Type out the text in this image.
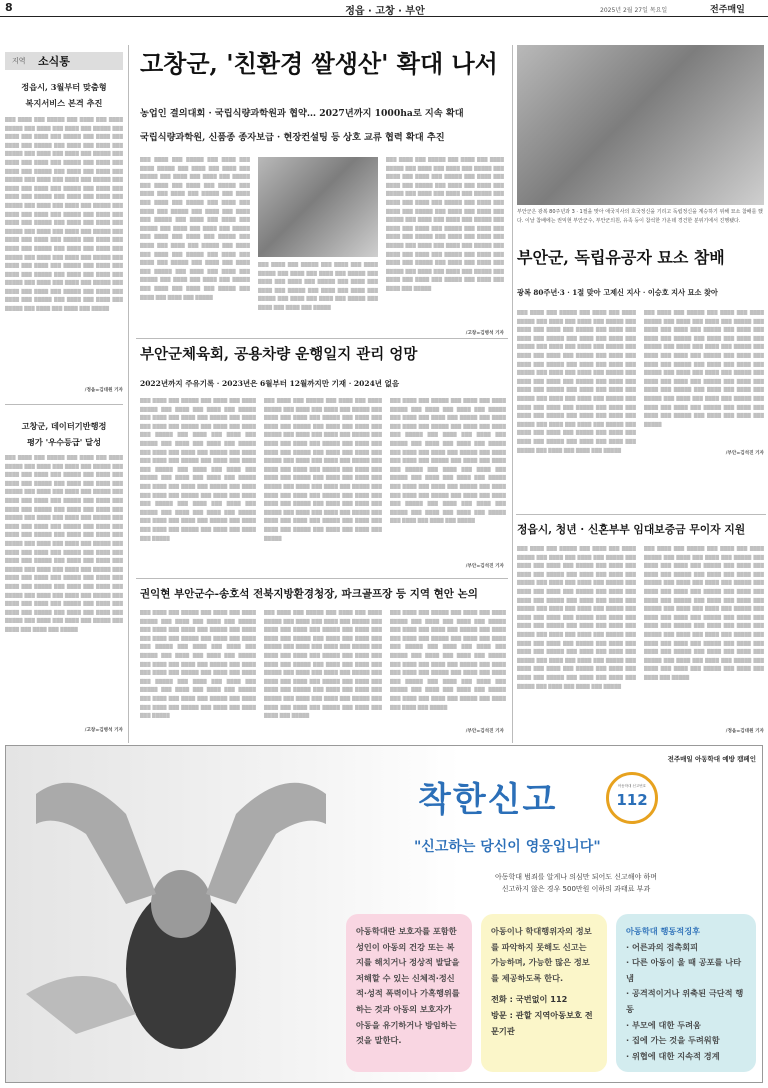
8	정읍 · 고창 · 부안	2025년 2월 27일 목요일	전주매일
지역 소식통
정읍시, 3월부터 맞춤형
복지서비스 본격 추진
▒▒▒ ▒▒▒▒ ▒▒▒ ▒▒▒▒▒ ▒▒▒ ▒▒▒▒ ▒▒▒ ▒▒▒▒ ▒▒▒▒▒ ▒▒▒ ▒▒▒▒ ▒▒▒ ▒▒▒▒ ▒▒▒ ▒▒▒▒▒ ▒▒▒ ▒▒▒▒ ▒▒▒ ▒▒▒▒ ▒▒▒ ▒▒▒▒▒ ▒▒▒ ▒▒▒▒ ▒▒▒ ▒▒▒▒ ▒▒▒ ▒▒▒▒▒ ▒▒▒ ▒▒▒▒ ▒▒▒ ▒▒▒▒ ▒▒▒ ▒▒▒▒▒ ▒▒▒ ▒▒▒▒ ▒▒▒ ▒▒▒▒ ▒▒▒ ▒▒▒▒▒ ▒▒▒ ▒▒▒▒ ▒▒▒ ▒▒▒▒ ▒▒▒ ▒▒▒▒▒ ▒▒▒ ▒▒▒▒ ▒▒▒ ▒▒▒▒ ▒▒▒ ▒▒▒▒▒ ▒▒▒ ▒▒▒▒ ▒▒▒ ▒▒▒▒ ▒▒▒ ▒▒▒▒▒ ▒▒▒ ▒▒▒▒ ▒▒▒ ▒▒▒▒ ▒▒▒ ▒▒▒▒▒ ▒▒▒ ▒▒▒▒ ▒▒▒ ▒▒▒▒ ▒▒▒ ▒▒▒▒▒ ▒▒▒ ▒▒▒▒ ▒▒▒ ▒▒▒▒ ▒▒▒ ▒▒▒▒▒ ▒▒▒ ▒▒▒▒ ▒▒▒ ▒▒▒▒ ▒▒▒ ▒▒▒▒▒ ▒▒▒ ▒▒▒▒ ▒▒▒ ▒▒▒▒ ▒▒▒ ▒▒▒▒▒ ▒▒▒ ▒▒▒▒ ▒▒▒ ▒▒▒▒ ▒▒▒ ▒▒▒▒▒ ▒▒▒ ▒▒▒▒ ▒▒▒ ▒▒▒▒ ▒▒▒ ▒▒▒▒▒ ▒▒▒ ▒▒▒▒ ▒▒▒ ▒▒▒▒ ▒▒▒ ▒▒▒▒▒ ▒▒▒ ▒▒▒▒ ▒▒▒ ▒▒▒▒ ▒▒▒ ▒▒▒▒▒ ▒▒▒ ▒▒▒▒ ▒▒▒ ▒▒▒▒ ▒▒▒ ▒▒▒▒▒ ▒▒▒ ▒▒▒▒ ▒▒▒ ▒▒▒▒ ▒▒▒ ▒▒▒▒▒ ▒▒▒ ▒▒▒▒ ▒▒▒ ▒▒▒▒ ▒▒▒ ▒▒▒▒▒ ▒▒▒ ▒▒▒▒ ▒▒▒ ▒▒▒▒ ▒▒▒ ▒▒▒▒▒ ▒▒▒ ▒▒▒▒ ▒▒▒ ▒▒▒▒ ▒▒▒ ▒▒▒▒▒ ▒▒▒ ▒▒▒▒ ▒▒▒ ▒▒▒▒ ▒▒▒ ▒▒▒▒▒ ▒▒▒ ▒▒▒▒ ▒▒▒ ▒▒▒▒ ▒▒▒ ▒▒▒▒▒ ▒▒▒ ▒▒▒▒ ▒▒▒ ▒▒▒▒ ▒▒▒ ▒▒▒▒▒ ▒▒▒ ▒▒▒▒ ▒▒▒ ▒▒▒▒ ▒▒▒ ▒▒▒▒▒ ▒▒▒ ▒▒▒▒ ▒▒▒ ▒▒▒▒ ▒▒▒ ▒▒▒▒▒ ▒▒▒ ▒▒▒▒ ▒▒▒ ▒▒▒▒ ▒▒▒ ▒▒▒▒▒ ▒▒▒ ▒▒▒▒ ▒▒▒ ▒▒▒▒ ▒▒▒ ▒▒▒▒▒
/정읍=김대원 기자
고창군, 데이터기반행정
평가 '우수등급' 달성
▒▒▒ ▒▒▒▒ ▒▒▒ ▒▒▒▒▒ ▒▒▒ ▒▒▒▒ ▒▒▒ ▒▒▒▒ ▒▒▒▒▒ ▒▒▒ ▒▒▒▒ ▒▒▒ ▒▒▒▒ ▒▒▒ ▒▒▒▒▒ ▒▒▒ ▒▒▒▒ ▒▒▒ ▒▒▒▒ ▒▒▒ ▒▒▒▒▒ ▒▒▒ ▒▒▒▒ ▒▒▒ ▒▒▒▒ ▒▒▒ ▒▒▒▒▒ ▒▒▒ ▒▒▒▒ ▒▒▒ ▒▒▒▒ ▒▒▒ ▒▒▒▒▒ ▒▒▒ ▒▒▒▒ ▒▒▒ ▒▒▒▒ ▒▒▒ ▒▒▒▒▒ ▒▒▒ ▒▒▒▒ ▒▒▒ ▒▒▒▒ ▒▒▒ ▒▒▒▒▒ ▒▒▒ ▒▒▒▒ ▒▒▒ ▒▒▒▒ ▒▒▒ ▒▒▒▒▒ ▒▒▒ ▒▒▒▒ ▒▒▒ ▒▒▒▒ ▒▒▒ ▒▒▒▒▒ ▒▒▒ ▒▒▒▒ ▒▒▒ ▒▒▒▒ ▒▒▒ ▒▒▒▒▒ ▒▒▒ ▒▒▒▒ ▒▒▒ ▒▒▒▒ ▒▒▒ ▒▒▒▒▒ ▒▒▒ ▒▒▒▒ ▒▒▒ ▒▒▒▒ ▒▒▒ ▒▒▒▒▒ ▒▒▒ ▒▒▒▒ ▒▒▒ ▒▒▒▒ ▒▒▒ ▒▒▒▒▒ ▒▒▒ ▒▒▒▒ ▒▒▒ ▒▒▒▒ ▒▒▒ ▒▒▒▒▒ ▒▒▒ ▒▒▒▒ ▒▒▒ ▒▒▒▒ ▒▒▒ ▒▒▒▒▒ ▒▒▒ ▒▒▒▒ ▒▒▒ ▒▒▒▒ ▒▒▒ ▒▒▒▒▒ ▒▒▒ ▒▒▒▒ ▒▒▒ ▒▒▒▒ ▒▒▒ ▒▒▒▒▒ ▒▒▒ ▒▒▒▒ ▒▒▒ ▒▒▒▒ ▒▒▒ ▒▒▒▒▒ ▒▒▒ ▒▒▒▒ ▒▒▒ ▒▒▒▒ ▒▒▒ ▒▒▒▒▒ ▒▒▒ ▒▒▒▒ ▒▒▒ ▒▒▒▒ ▒▒▒ ▒▒▒▒▒ ▒▒▒ ▒▒▒▒ ▒▒▒ ▒▒▒▒ ▒▒▒ ▒▒▒▒▒ ▒▒▒ ▒▒▒▒ ▒▒▒ ▒▒▒▒ ▒▒▒ ▒▒▒▒▒ ▒▒▒ ▒▒▒▒ ▒▒▒ ▒▒▒▒ ▒▒▒ ▒▒▒▒▒ ▒▒▒ ▒▒▒▒ ▒▒▒ ▒▒▒▒ ▒▒▒ ▒▒▒▒▒ ▒▒▒ ▒▒▒▒ ▒▒▒ ▒▒▒▒ ▒▒▒ ▒▒▒▒▒ ▒▒▒ ▒▒▒▒ ▒▒▒ ▒▒▒▒ ▒▒▒ ▒▒▒▒▒ ▒▒▒ ▒▒▒▒ ▒▒▒ ▒▒▒▒ ▒▒▒ ▒▒▒▒▒
/고창=김병석 기자
고창군, '친환경 쌀생산' 확대 나서
농업인 결의대회 · 국립식량과학원과 협약… 2027년까지 1000ha로 지속 확대
국립식량과학원, 신품종 종자보급 · 현장컨설팅 등 상호 교류 협력 확대 추진
▒▒▒ ▒▒▒▒ ▒▒▒ ▒▒▒▒▒ ▒▒▒ ▒▒▒▒ ▒▒▒ ▒▒▒▒ ▒▒▒▒▒ ▒▒▒ ▒▒▒▒ ▒▒▒ ▒▒▒▒ ▒▒▒ ▒▒▒▒▒ ▒▒▒ ▒▒▒▒ ▒▒▒ ▒▒▒▒ ▒▒▒ ▒▒▒▒▒ ▒▒▒ ▒▒▒▒ ▒▒▒ ▒▒▒▒ ▒▒▒ ▒▒▒▒▒ ▒▒▒ ▒▒▒▒ ▒▒▒ ▒▒▒▒ ▒▒▒ ▒▒▒▒▒ ▒▒▒ ▒▒▒▒ ▒▒▒ ▒▒▒▒ ▒▒▒ ▒▒▒▒▒ ▒▒▒ ▒▒▒▒ ▒▒▒ ▒▒▒▒ ▒▒▒ ▒▒▒▒▒ ▒▒▒ ▒▒▒▒ ▒▒▒ ▒▒▒▒ ▒▒▒ ▒▒▒▒▒ ▒▒▒ ▒▒▒▒ ▒▒▒ ▒▒▒▒ ▒▒▒ ▒▒▒▒▒ ▒▒▒ ▒▒▒▒ ▒▒▒ ▒▒▒▒ ▒▒▒ ▒▒▒▒▒ ▒▒▒ ▒▒▒▒ ▒▒▒ ▒▒▒▒ ▒▒▒ ▒▒▒▒▒ ▒▒▒ ▒▒▒▒ ▒▒▒ ▒▒▒▒ ▒▒▒ ▒▒▒▒▒ ▒▒▒ ▒▒▒▒ ▒▒▒ ▒▒▒▒ ▒▒▒ ▒▒▒▒▒ ▒▒▒ ▒▒▒▒ ▒▒▒ ▒▒▒▒ ▒▒▒ ▒▒▒▒▒ ▒▒▒ ▒▒▒▒ ▒▒▒ ▒▒▒▒ ▒▒▒ ▒▒▒▒▒ ▒▒▒ ▒▒▒▒ ▒▒▒ ▒▒▒▒ ▒▒▒ ▒▒▒▒▒ ▒▒▒ ▒▒▒▒ ▒▒▒ ▒▒▒▒ ▒▒▒ ▒▒▒▒▒ ▒▒▒ ▒▒▒▒ ▒▒▒ ▒▒▒▒ ▒▒▒ ▒▒▒▒▒ ▒▒▒ ▒▒▒▒ ▒▒▒ ▒▒▒▒ ▒▒▒ ▒▒▒▒▒
▒▒▒ ▒▒▒▒ ▒▒▒ ▒▒▒▒▒ ▒▒▒ ▒▒▒▒ ▒▒▒ ▒▒▒▒ ▒▒▒▒▒ ▒▒▒ ▒▒▒▒ ▒▒▒ ▒▒▒▒ ▒▒▒ ▒▒▒▒▒ ▒▒▒ ▒▒▒▒ ▒▒▒ ▒▒▒▒ ▒▒▒ ▒▒▒▒▒ ▒▒▒ ▒▒▒▒ ▒▒▒ ▒▒▒▒ ▒▒▒ ▒▒▒▒▒ ▒▒▒ ▒▒▒▒ ▒▒▒ ▒▒▒▒ ▒▒▒ ▒▒▒▒▒ ▒▒▒ ▒▒▒▒ ▒▒▒ ▒▒▒▒ ▒▒▒ ▒▒▒▒▒ ▒▒▒ ▒▒▒▒ ▒▒▒ ▒▒▒▒ ▒▒▒ ▒▒▒▒▒
▒▒▒ ▒▒▒▒ ▒▒▒ ▒▒▒▒▒ ▒▒▒ ▒▒▒▒ ▒▒▒ ▒▒▒▒ ▒▒▒▒▒ ▒▒▒ ▒▒▒▒ ▒▒▒ ▒▒▒▒ ▒▒▒ ▒▒▒▒▒ ▒▒▒ ▒▒▒▒ ▒▒▒ ▒▒▒▒ ▒▒▒ ▒▒▒▒▒ ▒▒▒ ▒▒▒▒ ▒▒▒ ▒▒▒▒ ▒▒▒ ▒▒▒▒▒ ▒▒▒ ▒▒▒▒ ▒▒▒ ▒▒▒▒ ▒▒▒ ▒▒▒▒▒ ▒▒▒ ▒▒▒▒ ▒▒▒ ▒▒▒▒ ▒▒▒ ▒▒▒▒▒ ▒▒▒ ▒▒▒▒ ▒▒▒ ▒▒▒▒ ▒▒▒ ▒▒▒▒▒ ▒▒▒ ▒▒▒▒ ▒▒▒ ▒▒▒▒ ▒▒▒ ▒▒▒▒▒ ▒▒▒ ▒▒▒▒ ▒▒▒ ▒▒▒▒ ▒▒▒ ▒▒▒▒▒ ▒▒▒ ▒▒▒▒ ▒▒▒ ▒▒▒▒ ▒▒▒ ▒▒▒▒▒ ▒▒▒ ▒▒▒▒ ▒▒▒ ▒▒▒▒ ▒▒▒ ▒▒▒▒▒ ▒▒▒ ▒▒▒▒ ▒▒▒ ▒▒▒▒ ▒▒▒ ▒▒▒▒▒ ▒▒▒ ▒▒▒▒ ▒▒▒ ▒▒▒▒ ▒▒▒ ▒▒▒▒▒ ▒▒▒ ▒▒▒▒ ▒▒▒ ▒▒▒▒ ▒▒▒ ▒▒▒▒▒ ▒▒▒ ▒▒▒▒ ▒▒▒ ▒▒▒▒ ▒▒▒ ▒▒▒▒▒ ▒▒▒ ▒▒▒▒ ▒▒▒ ▒▒▒▒ ▒▒▒ ▒▒▒▒▒ ▒▒▒ ▒▒▒▒ ▒▒▒ ▒▒▒▒ ▒▒▒ ▒▒▒▒▒ ▒▒▒ ▒▒▒▒ ▒▒▒ ▒▒▒▒ ▒▒▒ ▒▒▒▒▒ ▒▒▒ ▒▒▒▒ ▒▒▒ ▒▒▒▒ ▒▒▒ ▒▒▒▒▒ ▒▒▒ ▒▒▒▒ ▒▒▒ ▒▒▒▒ ▒▒▒ ▒▒▒▒▒
/고창=김병석 기자
부안군체육회, 공용차량 운행일지 관리 엉망
2022년까지 주유기록 · 2023년은 6월부터 12월까지만 기재 · 2024년 없음
▒▒▒ ▒▒▒▒ ▒▒▒ ▒▒▒▒▒ ▒▒▒ ▒▒▒▒ ▒▒▒ ▒▒▒▒ ▒▒▒▒▒ ▒▒▒ ▒▒▒▒ ▒▒▒ ▒▒▒▒ ▒▒▒ ▒▒▒▒▒ ▒▒▒ ▒▒▒▒ ▒▒▒ ▒▒▒▒ ▒▒▒ ▒▒▒▒▒ ▒▒▒ ▒▒▒▒ ▒▒▒ ▒▒▒▒ ▒▒▒ ▒▒▒▒▒ ▒▒▒ ▒▒▒▒ ▒▒▒ ▒▒▒▒ ▒▒▒ ▒▒▒▒▒ ▒▒▒ ▒▒▒▒ ▒▒▒ ▒▒▒▒ ▒▒▒ ▒▒▒▒▒ ▒▒▒ ▒▒▒▒ ▒▒▒ ▒▒▒▒ ▒▒▒ ▒▒▒▒▒ ▒▒▒ ▒▒▒▒ ▒▒▒ ▒▒▒▒ ▒▒▒ ▒▒▒▒▒ ▒▒▒ ▒▒▒▒ ▒▒▒ ▒▒▒▒ ▒▒▒ ▒▒▒▒▒ ▒▒▒ ▒▒▒▒ ▒▒▒ ▒▒▒▒ ▒▒▒ ▒▒▒▒▒ ▒▒▒ ▒▒▒▒ ▒▒▒ ▒▒▒▒ ▒▒▒ ▒▒▒▒▒ ▒▒▒ ▒▒▒▒ ▒▒▒ ▒▒▒▒ ▒▒▒ ▒▒▒▒▒ ▒▒▒ ▒▒▒▒ ▒▒▒ ▒▒▒▒ ▒▒▒ ▒▒▒▒▒ ▒▒▒ ▒▒▒▒ ▒▒▒ ▒▒▒▒ ▒▒▒ ▒▒▒▒▒ ▒▒▒ ▒▒▒▒ ▒▒▒ ▒▒▒▒ ▒▒▒ ▒▒▒▒▒ ▒▒▒ ▒▒▒▒ ▒▒▒ ▒▒▒▒ ▒▒▒ ▒▒▒▒▒ ▒▒▒ ▒▒▒▒ ▒▒▒ ▒▒▒▒ ▒▒▒ ▒▒▒▒▒ ▒▒▒ ▒▒▒▒ ▒▒▒ ▒▒▒▒ ▒▒▒ ▒▒▒▒▒ ▒▒▒ ▒▒▒▒ ▒▒▒ ▒▒▒▒ ▒▒▒ ▒▒▒▒▒ ▒▒▒ ▒▒▒▒ ▒▒▒ ▒▒▒▒ ▒▒▒ ▒▒▒▒▒
▒▒▒ ▒▒▒▒ ▒▒▒ ▒▒▒▒▒ ▒▒▒ ▒▒▒▒ ▒▒▒ ▒▒▒▒ ▒▒▒▒▒ ▒▒▒ ▒▒▒▒ ▒▒▒ ▒▒▒▒ ▒▒▒ ▒▒▒▒▒ ▒▒▒ ▒▒▒▒ ▒▒▒ ▒▒▒▒ ▒▒▒ ▒▒▒▒▒ ▒▒▒ ▒▒▒▒ ▒▒▒ ▒▒▒▒ ▒▒▒ ▒▒▒▒▒ ▒▒▒ ▒▒▒▒ ▒▒▒ ▒▒▒▒ ▒▒▒ ▒▒▒▒▒ ▒▒▒ ▒▒▒▒ ▒▒▒ ▒▒▒▒ ▒▒▒ ▒▒▒▒▒ ▒▒▒ ▒▒▒▒ ▒▒▒ ▒▒▒▒ ▒▒▒ ▒▒▒▒▒ ▒▒▒ ▒▒▒▒ ▒▒▒ ▒▒▒▒ ▒▒▒ ▒▒▒▒▒ ▒▒▒ ▒▒▒▒ ▒▒▒ ▒▒▒▒ ▒▒▒ ▒▒▒▒▒ ▒▒▒ ▒▒▒▒ ▒▒▒ ▒▒▒▒ ▒▒▒ ▒▒▒▒▒ ▒▒▒ ▒▒▒▒ ▒▒▒ ▒▒▒▒ ▒▒▒ ▒▒▒▒▒ ▒▒▒ ▒▒▒▒ ▒▒▒ ▒▒▒▒ ▒▒▒ ▒▒▒▒▒ ▒▒▒ ▒▒▒▒ ▒▒▒ ▒▒▒▒ ▒▒▒ ▒▒▒▒▒ ▒▒▒ ▒▒▒▒ ▒▒▒ ▒▒▒▒ ▒▒▒ ▒▒▒▒▒ ▒▒▒ ▒▒▒▒ ▒▒▒ ▒▒▒▒ ▒▒▒ ▒▒▒▒▒ ▒▒▒ ▒▒▒▒ ▒▒▒ ▒▒▒▒ ▒▒▒ ▒▒▒▒▒ ▒▒▒ ▒▒▒▒ ▒▒▒ ▒▒▒▒ ▒▒▒ ▒▒▒▒▒ ▒▒▒ ▒▒▒▒ ▒▒▒ ▒▒▒▒ ▒▒▒ ▒▒▒▒▒ ▒▒▒ ▒▒▒▒ ▒▒▒ ▒▒▒▒ ▒▒▒ ▒▒▒▒▒ ▒▒▒ ▒▒▒▒ ▒▒▒ ▒▒▒▒ ▒▒▒ ▒▒▒▒▒ ▒▒▒ ▒▒▒▒ ▒▒▒ ▒▒▒▒ ▒▒▒ ▒▒▒▒▒
▒▒▒ ▒▒▒▒ ▒▒▒ ▒▒▒▒▒ ▒▒▒ ▒▒▒▒ ▒▒▒ ▒▒▒▒ ▒▒▒▒▒ ▒▒▒ ▒▒▒▒ ▒▒▒ ▒▒▒▒ ▒▒▒ ▒▒▒▒▒ ▒▒▒ ▒▒▒▒ ▒▒▒ ▒▒▒▒ ▒▒▒ ▒▒▒▒▒ ▒▒▒ ▒▒▒▒ ▒▒▒ ▒▒▒▒ ▒▒▒ ▒▒▒▒▒ ▒▒▒ ▒▒▒▒ ▒▒▒ ▒▒▒▒ ▒▒▒ ▒▒▒▒▒ ▒▒▒ ▒▒▒▒ ▒▒▒ ▒▒▒▒ ▒▒▒ ▒▒▒▒▒ ▒▒▒ ▒▒▒▒ ▒▒▒ ▒▒▒▒ ▒▒▒ ▒▒▒▒▒ ▒▒▒ ▒▒▒▒ ▒▒▒ ▒▒▒▒ ▒▒▒ ▒▒▒▒▒ ▒▒▒ ▒▒▒▒ ▒▒▒ ▒▒▒▒ ▒▒▒ ▒▒▒▒▒ ▒▒▒ ▒▒▒▒ ▒▒▒ ▒▒▒▒ ▒▒▒ ▒▒▒▒▒ ▒▒▒ ▒▒▒▒ ▒▒▒ ▒▒▒▒ ▒▒▒ ▒▒▒▒▒ ▒▒▒ ▒▒▒▒ ▒▒▒ ▒▒▒▒ ▒▒▒ ▒▒▒▒▒ ▒▒▒ ▒▒▒▒ ▒▒▒ ▒▒▒▒ ▒▒▒ ▒▒▒▒▒ ▒▒▒ ▒▒▒▒ ▒▒▒ ▒▒▒▒ ▒▒▒ ▒▒▒▒▒ ▒▒▒ ▒▒▒▒ ▒▒▒ ▒▒▒▒ ▒▒▒ ▒▒▒▒▒ ▒▒▒ ▒▒▒▒ ▒▒▒ ▒▒▒▒ ▒▒▒ ▒▒▒▒▒ ▒▒▒ ▒▒▒▒ ▒▒▒ ▒▒▒▒ ▒▒▒ ▒▒▒▒▒ ▒▒▒ ▒▒▒▒ ▒▒▒ ▒▒▒▒ ▒▒▒ ▒▒▒▒▒
/부안=김석진 기자
권익현 부안군수-송호석 전북지방환경청장, 파크골프장 등 지역 현안 논의
▒▒▒ ▒▒▒▒ ▒▒▒ ▒▒▒▒▒ ▒▒▒ ▒▒▒▒ ▒▒▒ ▒▒▒▒ ▒▒▒▒▒ ▒▒▒ ▒▒▒▒ ▒▒▒ ▒▒▒▒ ▒▒▒ ▒▒▒▒▒ ▒▒▒ ▒▒▒▒ ▒▒▒ ▒▒▒▒ ▒▒▒ ▒▒▒▒▒ ▒▒▒ ▒▒▒▒ ▒▒▒ ▒▒▒▒ ▒▒▒ ▒▒▒▒▒ ▒▒▒ ▒▒▒▒ ▒▒▒ ▒▒▒▒ ▒▒▒ ▒▒▒▒▒ ▒▒▒ ▒▒▒▒ ▒▒▒ ▒▒▒▒ ▒▒▒ ▒▒▒▒▒ ▒▒▒ ▒▒▒▒ ▒▒▒ ▒▒▒▒ ▒▒▒ ▒▒▒▒▒ ▒▒▒ ▒▒▒▒ ▒▒▒ ▒▒▒▒ ▒▒▒ ▒▒▒▒▒ ▒▒▒ ▒▒▒▒ ▒▒▒ ▒▒▒▒ ▒▒▒ ▒▒▒▒▒ ▒▒▒ ▒▒▒▒ ▒▒▒ ▒▒▒▒ ▒▒▒ ▒▒▒▒▒ ▒▒▒ ▒▒▒▒ ▒▒▒ ▒▒▒▒ ▒▒▒ ▒▒▒▒▒ ▒▒▒ ▒▒▒▒ ▒▒▒ ▒▒▒▒ ▒▒▒ ▒▒▒▒▒ ▒▒▒ ▒▒▒▒ ▒▒▒ ▒▒▒▒ ▒▒▒ ▒▒▒▒▒ ▒▒▒ ▒▒▒▒ ▒▒▒ ▒▒▒▒ ▒▒▒ ▒▒▒▒▒ ▒▒▒ ▒▒▒▒ ▒▒▒ ▒▒▒▒ ▒▒▒ ▒▒▒▒▒
▒▒▒ ▒▒▒▒ ▒▒▒ ▒▒▒▒▒ ▒▒▒ ▒▒▒▒ ▒▒▒ ▒▒▒▒ ▒▒▒▒▒ ▒▒▒ ▒▒▒▒ ▒▒▒ ▒▒▒▒ ▒▒▒ ▒▒▒▒▒ ▒▒▒ ▒▒▒▒ ▒▒▒ ▒▒▒▒ ▒▒▒ ▒▒▒▒▒ ▒▒▒ ▒▒▒▒ ▒▒▒ ▒▒▒▒ ▒▒▒ ▒▒▒▒▒ ▒▒▒ ▒▒▒▒ ▒▒▒ ▒▒▒▒ ▒▒▒ ▒▒▒▒▒ ▒▒▒ ▒▒▒▒ ▒▒▒ ▒▒▒▒ ▒▒▒ ▒▒▒▒▒ ▒▒▒ ▒▒▒▒ ▒▒▒ ▒▒▒▒ ▒▒▒ ▒▒▒▒▒ ▒▒▒ ▒▒▒▒ ▒▒▒ ▒▒▒▒ ▒▒▒ ▒▒▒▒▒ ▒▒▒ ▒▒▒▒ ▒▒▒ ▒▒▒▒ ▒▒▒ ▒▒▒▒▒ ▒▒▒ ▒▒▒▒ ▒▒▒ ▒▒▒▒ ▒▒▒ ▒▒▒▒▒ ▒▒▒ ▒▒▒▒ ▒▒▒ ▒▒▒▒ ▒▒▒ ▒▒▒▒▒ ▒▒▒ ▒▒▒▒ ▒▒▒ ▒▒▒▒ ▒▒▒ ▒▒▒▒▒ ▒▒▒ ▒▒▒▒ ▒▒▒ ▒▒▒▒ ▒▒▒ ▒▒▒▒▒ ▒▒▒ ▒▒▒▒ ▒▒▒ ▒▒▒▒ ▒▒▒ ▒▒▒▒▒ ▒▒▒ ▒▒▒▒ ▒▒▒ ▒▒▒▒ ▒▒▒ ▒▒▒▒▒ ▒▒▒ ▒▒▒▒ ▒▒▒ ▒▒▒▒ ▒▒▒ ▒▒▒▒▒
▒▒▒ ▒▒▒▒ ▒▒▒ ▒▒▒▒▒ ▒▒▒ ▒▒▒▒ ▒▒▒ ▒▒▒▒ ▒▒▒▒▒ ▒▒▒ ▒▒▒▒ ▒▒▒ ▒▒▒▒ ▒▒▒ ▒▒▒▒▒ ▒▒▒ ▒▒▒▒ ▒▒▒ ▒▒▒▒ ▒▒▒ ▒▒▒▒▒ ▒▒▒ ▒▒▒▒ ▒▒▒ ▒▒▒▒ ▒▒▒ ▒▒▒▒▒ ▒▒▒ ▒▒▒▒ ▒▒▒ ▒▒▒▒ ▒▒▒ ▒▒▒▒▒ ▒▒▒ ▒▒▒▒ ▒▒▒ ▒▒▒▒ ▒▒▒ ▒▒▒▒▒ ▒▒▒ ▒▒▒▒ ▒▒▒ ▒▒▒▒ ▒▒▒ ▒▒▒▒▒ ▒▒▒ ▒▒▒▒ ▒▒▒ ▒▒▒▒ ▒▒▒ ▒▒▒▒▒ ▒▒▒ ▒▒▒▒ ▒▒▒ ▒▒▒▒ ▒▒▒ ▒▒▒▒▒ ▒▒▒ ▒▒▒▒ ▒▒▒ ▒▒▒▒ ▒▒▒ ▒▒▒▒▒ ▒▒▒ ▒▒▒▒ ▒▒▒ ▒▒▒▒ ▒▒▒ ▒▒▒▒▒ ▒▒▒ ▒▒▒▒ ▒▒▒ ▒▒▒▒ ▒▒▒ ▒▒▒▒▒ ▒▒▒ ▒▒▒▒ ▒▒▒ ▒▒▒▒ ▒▒▒ ▒▒▒▒▒ ▒▒▒ ▒▒▒▒ ▒▒▒ ▒▒▒▒ ▒▒▒ ▒▒▒▒▒
/부안=김석진 기자
부안군은 광복 80주년과 3 · 1절을 맞아 애국지사의 호국정신을 기리고 독립정신을 계승하기 위해 묘소 참배를 했다. 이날 참배에는 권익현 부안군수, 부안군의원, 유족 등이 참석한 가운데 경건한 분위기에서 진행됐다.
부안군, 독립유공자 묘소 참배
광복 80주년·3 · 1절 맞아 고제신 지사 · 이승호 지사 묘소 찾아
▒▒▒ ▒▒▒▒ ▒▒▒ ▒▒▒▒▒ ▒▒▒ ▒▒▒▒ ▒▒▒ ▒▒▒▒ ▒▒▒▒▒ ▒▒▒ ▒▒▒▒ ▒▒▒ ▒▒▒▒ ▒▒▒ ▒▒▒▒▒ ▒▒▒ ▒▒▒▒ ▒▒▒ ▒▒▒▒ ▒▒▒ ▒▒▒▒▒ ▒▒▒ ▒▒▒▒ ▒▒▒ ▒▒▒▒ ▒▒▒ ▒▒▒▒▒ ▒▒▒ ▒▒▒▒ ▒▒▒ ▒▒▒▒ ▒▒▒ ▒▒▒▒▒ ▒▒▒ ▒▒▒▒ ▒▒▒ ▒▒▒▒ ▒▒▒ ▒▒▒▒▒ ▒▒▒ ▒▒▒▒ ▒▒▒ ▒▒▒▒ ▒▒▒ ▒▒▒▒▒ ▒▒▒ ▒▒▒▒ ▒▒▒ ▒▒▒▒ ▒▒▒ ▒▒▒▒▒ ▒▒▒ ▒▒▒▒ ▒▒▒ ▒▒▒▒ ▒▒▒ ▒▒▒▒▒ ▒▒▒ ▒▒▒▒ ▒▒▒ ▒▒▒▒ ▒▒▒ ▒▒▒▒▒ ▒▒▒ ▒▒▒▒ ▒▒▒ ▒▒▒▒ ▒▒▒ ▒▒▒▒▒ ▒▒▒ ▒▒▒▒ ▒▒▒ ▒▒▒▒ ▒▒▒ ▒▒▒▒▒ ▒▒▒ ▒▒▒▒ ▒▒▒ ▒▒▒▒ ▒▒▒ ▒▒▒▒▒ ▒▒▒ ▒▒▒▒ ▒▒▒ ▒▒▒▒ ▒▒▒ ▒▒▒▒▒ ▒▒▒ ▒▒▒▒ ▒▒▒ ▒▒▒▒ ▒▒▒ ▒▒▒▒▒ ▒▒▒ ▒▒▒▒ ▒▒▒ ▒▒▒▒ ▒▒▒ ▒▒▒▒▒ ▒▒▒ ▒▒▒▒ ▒▒▒ ▒▒▒▒ ▒▒▒ ▒▒▒▒▒ ▒▒▒ ▒▒▒▒ ▒▒▒ ▒▒▒▒ ▒▒▒ ▒▒▒▒▒ ▒▒▒ ▒▒▒▒ ▒▒▒ ▒▒▒▒ ▒▒▒ ▒▒▒▒▒ ▒▒▒ ▒▒▒▒ ▒▒▒ ▒▒▒▒ ▒▒▒ ▒▒▒▒▒ ▒▒▒ ▒▒▒▒ ▒▒▒ ▒▒▒▒ ▒▒▒ ▒▒▒▒▒ ▒▒▒ ▒▒▒▒ ▒▒▒ ▒▒▒▒ ▒▒▒ ▒▒▒▒▒
▒▒▒ ▒▒▒▒ ▒▒▒ ▒▒▒▒▒ ▒▒▒ ▒▒▒▒ ▒▒▒ ▒▒▒▒ ▒▒▒▒▒ ▒▒▒ ▒▒▒▒ ▒▒▒ ▒▒▒▒ ▒▒▒ ▒▒▒▒▒ ▒▒▒ ▒▒▒▒ ▒▒▒ ▒▒▒▒ ▒▒▒ ▒▒▒▒▒ ▒▒▒ ▒▒▒▒ ▒▒▒ ▒▒▒▒ ▒▒▒ ▒▒▒▒▒ ▒▒▒ ▒▒▒▒ ▒▒▒ ▒▒▒▒ ▒▒▒ ▒▒▒▒▒ ▒▒▒ ▒▒▒▒ ▒▒▒ ▒▒▒▒ ▒▒▒ ▒▒▒▒▒ ▒▒▒ ▒▒▒▒ ▒▒▒ ▒▒▒▒ ▒▒▒ ▒▒▒▒▒ ▒▒▒ ▒▒▒▒ ▒▒▒ ▒▒▒▒ ▒▒▒ ▒▒▒▒▒ ▒▒▒ ▒▒▒▒ ▒▒▒ ▒▒▒▒ ▒▒▒ ▒▒▒▒▒ ▒▒▒ ▒▒▒▒ ▒▒▒ ▒▒▒▒ ▒▒▒ ▒▒▒▒▒ ▒▒▒ ▒▒▒▒ ▒▒▒ ▒▒▒▒ ▒▒▒ ▒▒▒▒▒ ▒▒▒ ▒▒▒▒ ▒▒▒ ▒▒▒▒ ▒▒▒ ▒▒▒▒▒ ▒▒▒ ▒▒▒▒ ▒▒▒ ▒▒▒▒ ▒▒▒ ▒▒▒▒▒ ▒▒▒ ▒▒▒▒ ▒▒▒ ▒▒▒▒ ▒▒▒ ▒▒▒▒▒ ▒▒▒ ▒▒▒▒ ▒▒▒ ▒▒▒▒ ▒▒▒ ▒▒▒▒▒ ▒▒▒ ▒▒▒▒ ▒▒▒ ▒▒▒▒ ▒▒▒ ▒▒▒▒▒ ▒▒▒ ▒▒▒▒ ▒▒▒ ▒▒▒▒ ▒▒▒ ▒▒▒▒▒
/부안=김석진 기자
정읍시, 청년 · 신혼부부 임대보증금 무이자 지원
▒▒▒ ▒▒▒▒ ▒▒▒ ▒▒▒▒▒ ▒▒▒ ▒▒▒▒ ▒▒▒ ▒▒▒▒ ▒▒▒▒▒ ▒▒▒ ▒▒▒▒ ▒▒▒ ▒▒▒▒ ▒▒▒ ▒▒▒▒▒ ▒▒▒ ▒▒▒▒ ▒▒▒ ▒▒▒▒ ▒▒▒ ▒▒▒▒▒ ▒▒▒ ▒▒▒▒ ▒▒▒ ▒▒▒▒ ▒▒▒ ▒▒▒▒▒ ▒▒▒ ▒▒▒▒ ▒▒▒ ▒▒▒▒ ▒▒▒ ▒▒▒▒▒ ▒▒▒ ▒▒▒▒ ▒▒▒ ▒▒▒▒ ▒▒▒ ▒▒▒▒▒ ▒▒▒ ▒▒▒▒ ▒▒▒ ▒▒▒▒ ▒▒▒ ▒▒▒▒▒ ▒▒▒ ▒▒▒▒ ▒▒▒ ▒▒▒▒ ▒▒▒ ▒▒▒▒▒ ▒▒▒ ▒▒▒▒ ▒▒▒ ▒▒▒▒ ▒▒▒ ▒▒▒▒▒ ▒▒▒ ▒▒▒▒ ▒▒▒ ▒▒▒▒ ▒▒▒ ▒▒▒▒▒ ▒▒▒ ▒▒▒▒ ▒▒▒ ▒▒▒▒ ▒▒▒ ▒▒▒▒▒ ▒▒▒ ▒▒▒▒ ▒▒▒ ▒▒▒▒ ▒▒▒ ▒▒▒▒▒ ▒▒▒ ▒▒▒▒ ▒▒▒ ▒▒▒▒ ▒▒▒ ▒▒▒▒▒ ▒▒▒ ▒▒▒▒ ▒▒▒ ▒▒▒▒ ▒▒▒ ▒▒▒▒▒ ▒▒▒ ▒▒▒▒ ▒▒▒ ▒▒▒▒ ▒▒▒ ▒▒▒▒▒ ▒▒▒ ▒▒▒▒ ▒▒▒ ▒▒▒▒ ▒▒▒ ▒▒▒▒▒ ▒▒▒ ▒▒▒▒ ▒▒▒ ▒▒▒▒ ▒▒▒ ▒▒▒▒▒ ▒▒▒ ▒▒▒▒ ▒▒▒ ▒▒▒▒ ▒▒▒ ▒▒▒▒▒ ▒▒▒ ▒▒▒▒ ▒▒▒ ▒▒▒▒ ▒▒▒ ▒▒▒▒▒ ▒▒▒ ▒▒▒▒ ▒▒▒ ▒▒▒▒ ▒▒▒ ▒▒▒▒▒ ▒▒▒ ▒▒▒▒ ▒▒▒ ▒▒▒▒ ▒▒▒ ▒▒▒▒▒ ▒▒▒ ▒▒▒▒ ▒▒▒ ▒▒▒▒ ▒▒▒ ▒▒▒▒▒
▒▒▒ ▒▒▒▒ ▒▒▒ ▒▒▒▒▒ ▒▒▒ ▒▒▒▒ ▒▒▒ ▒▒▒▒ ▒▒▒▒▒ ▒▒▒ ▒▒▒▒ ▒▒▒ ▒▒▒▒ ▒▒▒ ▒▒▒▒▒ ▒▒▒ ▒▒▒▒ ▒▒▒ ▒▒▒▒ ▒▒▒ ▒▒▒▒▒ ▒▒▒ ▒▒▒▒ ▒▒▒ ▒▒▒▒ ▒▒▒ ▒▒▒▒▒ ▒▒▒ ▒▒▒▒ ▒▒▒ ▒▒▒▒ ▒▒▒ ▒▒▒▒▒ ▒▒▒ ▒▒▒▒ ▒▒▒ ▒▒▒▒ ▒▒▒ ▒▒▒▒▒ ▒▒▒ ▒▒▒▒ ▒▒▒ ▒▒▒▒ ▒▒▒ ▒▒▒▒▒ ▒▒▒ ▒▒▒▒ ▒▒▒ ▒▒▒▒ ▒▒▒ ▒▒▒▒▒ ▒▒▒ ▒▒▒▒ ▒▒▒ ▒▒▒▒ ▒▒▒ ▒▒▒▒▒ ▒▒▒ ▒▒▒▒ ▒▒▒ ▒▒▒▒ ▒▒▒ ▒▒▒▒▒ ▒▒▒ ▒▒▒▒ ▒▒▒ ▒▒▒▒ ▒▒▒ ▒▒▒▒▒ ▒▒▒ ▒▒▒▒ ▒▒▒ ▒▒▒▒ ▒▒▒ ▒▒▒▒▒ ▒▒▒ ▒▒▒▒ ▒▒▒ ▒▒▒▒ ▒▒▒ ▒▒▒▒▒ ▒▒▒ ▒▒▒▒ ▒▒▒ ▒▒▒▒ ▒▒▒ ▒▒▒▒▒ ▒▒▒ ▒▒▒▒ ▒▒▒ ▒▒▒▒ ▒▒▒ ▒▒▒▒▒ ▒▒▒ ▒▒▒▒ ▒▒▒ ▒▒▒▒ ▒▒▒ ▒▒▒▒▒ ▒▒▒ ▒▒▒▒ ▒▒▒ ▒▒▒▒ ▒▒▒ ▒▒▒▒▒ ▒▒▒ ▒▒▒▒ ▒▒▒ ▒▒▒▒ ▒▒▒ ▒▒▒▒▒ ▒▒▒ ▒▒▒▒ ▒▒▒ ▒▒▒▒ ▒▒▒ ▒▒▒▒▒ ▒▒▒ ▒▒▒▒ ▒▒▒ ▒▒▒▒ ▒▒▒ ▒▒▒▒▒
/정읍=김대원 기자
전주매일 아동학대 예방 캠페인
착한신고	아동학대 신고번호
112
"신고하는 당신이 영웅입니다"
아동학대 범죄를 알게나 의심만 되어도 신고해야 하며
신고하지 않은 경우 500만원 이하의 과태료 부과
아동학대란 보호자를 포함한 성인이 아동의 건강 또는 복지를 해치거나 정상적 발달을 저해할 수 있는 신체적·정신적·성적 폭력이나 가혹행위를 하는 것과 아동의 보호자가 아동을 유기하거나 방임하는 것을 말한다.
아동이나 학대행위자의 정보를 파악하지 못해도 신고는 가능하며, 가능한 많은 정보를 제공하도록 한다.
전화 : 국번없이 112
방문 : 관할 지역아동보호 전문기관
아동학대 행동적징후
· 어른과의 접촉회피
· 다른 아동이 울 때 공포를 나타냄
· 공격적이거나 위축된 극단적 행동
· 부모에 대한 두려움
· 집에 가는 것을 두려워함
· 위협에 대한 지속적 경계
